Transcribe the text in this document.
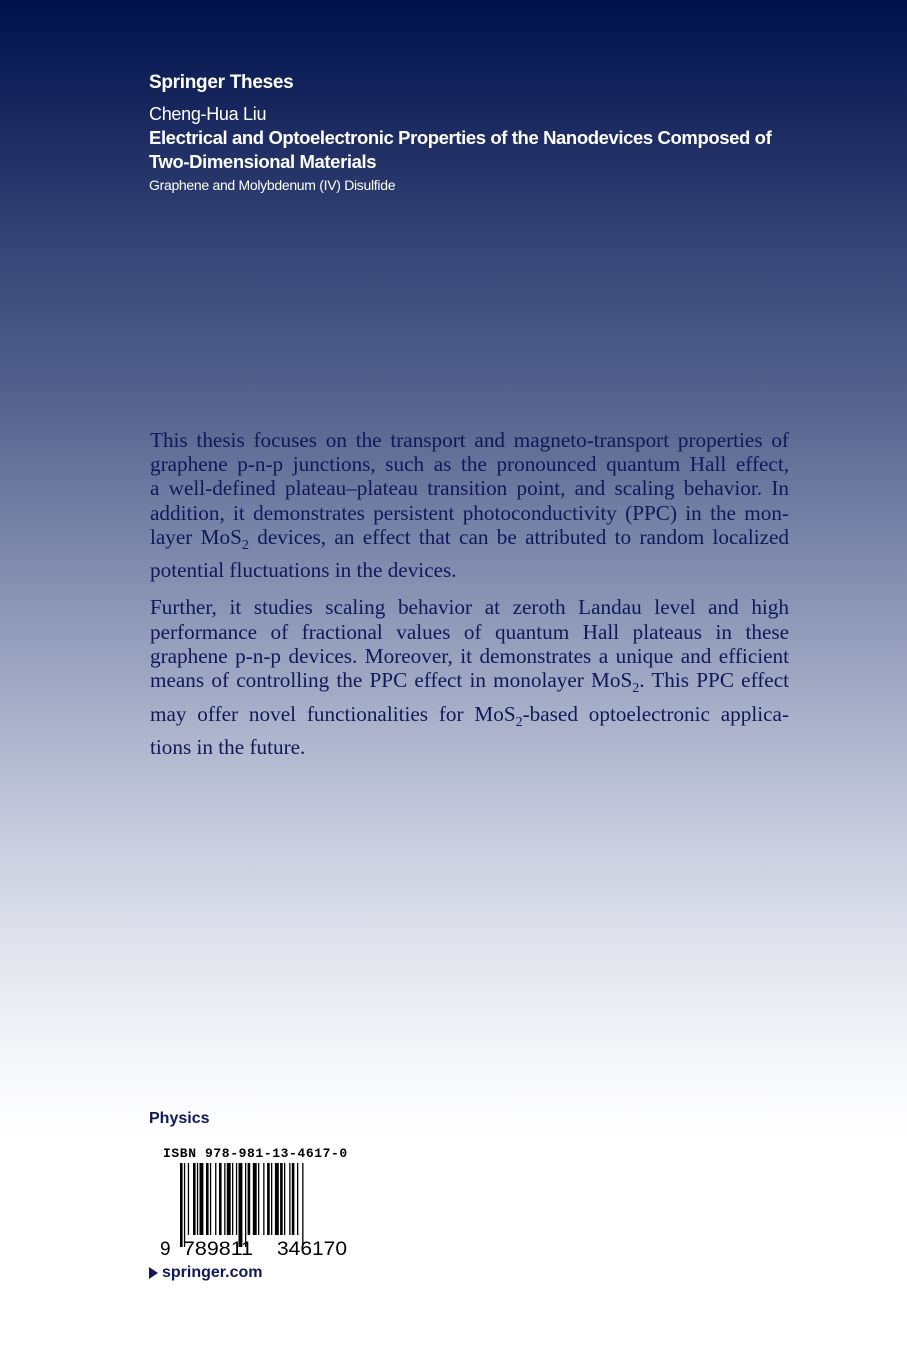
Springer Theses
Cheng-Hua Liu
Electrical and Optoelectronic Properties of the Nanodevices Composed of
Two-Dimensional Materials
Graphene and Molybdenum (IV) Disulfide

This thesis focuses on the transport and magneto-transport properties of
graphene p-n-p junctions, such as the pronounced quantum Hall effect,
a well-defined plateau–plateau transition point, and scaling behavior. In
addition, it demonstrates persistent photoconductivity (PPC) in the mon-
layer MoS$_2$ devices, an effect that can be attributed to random localized
potential fluctuations in the devices.

Further, it studies scaling behavior at zeroth Landau level and high
performance of fractional values of quantum Hall plateaus in these
graphene p-n-p devices. Moreover, it demonstrates a unique and efficient
means of controlling the PPC effect in monolayer MoS$_2$. This PPC effect
may offer novel functionalities for MoS$_2$-based optoelectronic applica-
tions in the future.

Physics
ISBN 978-981-13-4617-0
9 789811 346170
springer.com
